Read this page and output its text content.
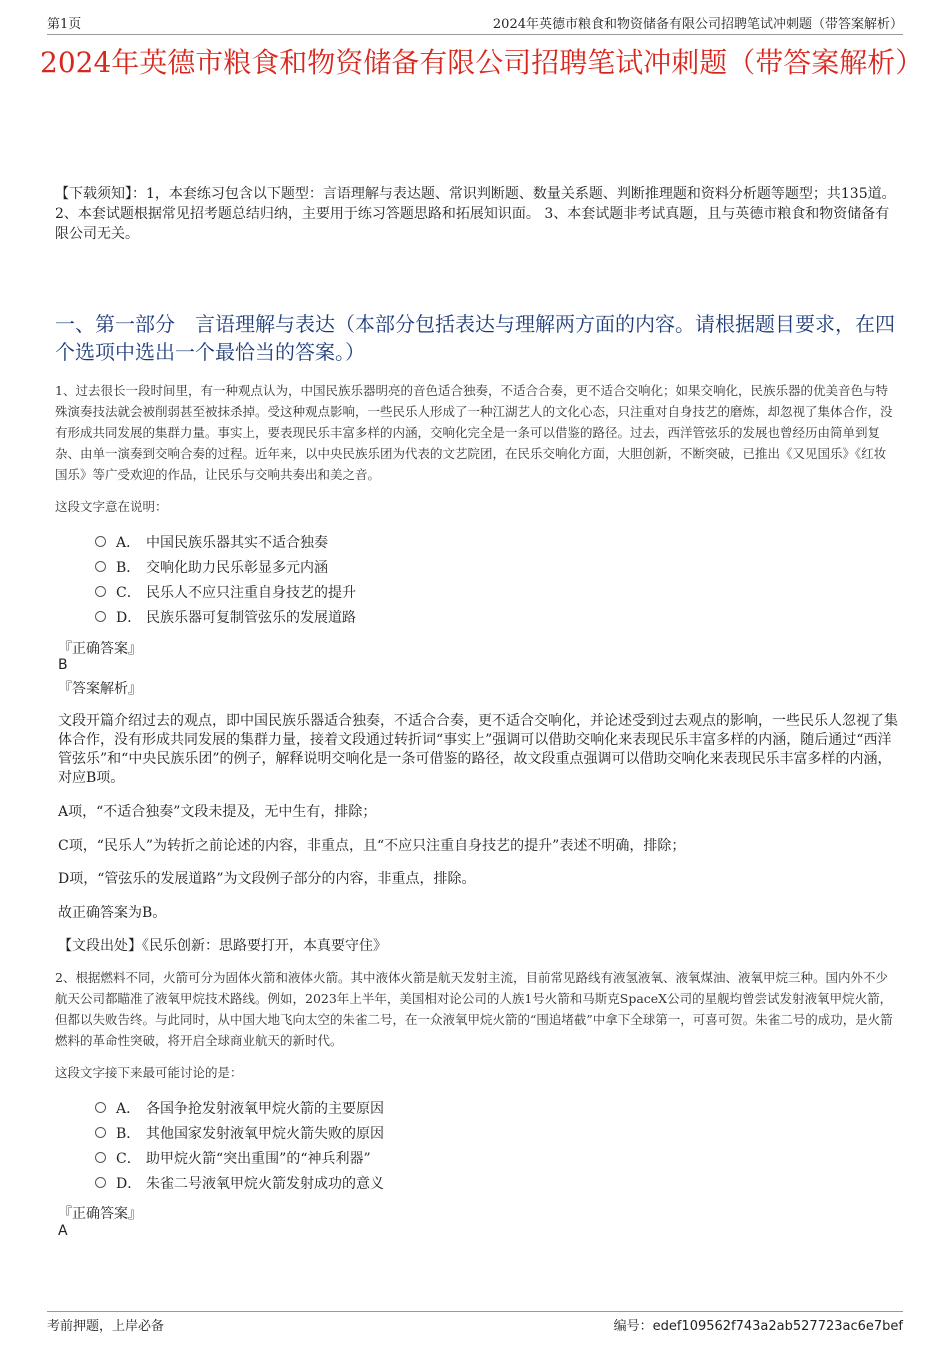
第1页	2024年英德市粮食和物资储备有限公司招聘笔试冲刺题（带答案解析）
2024年英德市粮食和物资储备有限公司招聘笔试冲刺题（带答案解析）
【下载须知】：1，本套练习包含以下题型：言语理解与表达题、常识判断题、数量关系题、判断推理题和资料分析题等题型；共135道。 2、本套试题根据常见招考题总结归纳，主要用于练习答题思路和拓展知识面。 3、本套试题非考试真题，且与英德市粮食和物资储备有限公司无关。
一、第一部分　言语理解与表达（本部分包括表达与理解两方面的内容。请根据题目要求，在四个选项中选出一个最恰当的答案。）
1、过去很长一段时间里，有一种观点认为，中国民族乐器明亮的音色适合独奏，不适合合奏，更不适合交响化；如果交响化，民族乐器的优美音色与特殊演奏技法就会被削弱甚至被抹杀掉。受这种观点影响，一些民乐人形成了一种江湖艺人的文化心态，只注重对自身技艺的磨炼，却忽视了集体合作，没有形成共同发展的集群力量。事实上，要表现民乐丰富多样的内涵，交响化完全是一条可以借鉴的路径。过去，西洋管弦乐的发展也曾经历由简单到复杂、由单一演奏到交响合奏的过程。近年来，以中央民族乐团为代表的文艺院团，在民乐交响化方面，大胆创新，不断突破，已推出《又见国乐》《红妆国乐》等广受欢迎的作品，让民乐与交响共奏出和美之音。
这段文字意在说明：
A． 中国民族乐器其实不适合独奏
B． 交响化助力民乐彰显多元内涵
C． 民乐人不应只注重自身技艺的提升
D． 民族乐器可复制管弦乐的发展道路
『正确答案』
B
『答案解析』
文段开篇介绍过去的观点，即中国民族乐器适合独奏，不适合合奏，更不适合交响化，并论述受到过去观点的影响，一些民乐人忽视了集体合作，没有形成共同发展的集群力量，接着文段通过转折词“事实上”强调可以借助交响化来表现民乐丰富多样的内涵，随后通过“西洋管弦乐”和“中央民族乐团”的例子，解释说明交响化是一条可借鉴的路径，故文段重点强调可以借助交响化来表现民乐丰富多样的内涵，对应B项。
A项，“不适合独奏”文段未提及，无中生有，排除；
C项，“民乐人”为转折之前论述的内容，非重点，且“不应只注重自身技艺的提升”表述不明确，排除；
D项，“管弦乐的发展道路”为文段例子部分的内容，非重点，排除。
故正确答案为B。
【文段出处】《民乐创新：思路要打开，本真要守住》
2、根据燃料不同，火箭可分为固体火箭和液体火箭。其中液体火箭是航天发射主流，目前常见路线有液氢液氧、液氧煤油、液氧甲烷三种。国内外不少航天公司都瞄准了液氧甲烷技术路线。例如，2023年上半年，美国相对论公司的人族1号火箭和马斯克SpaceX公司的星舰均曾尝试发射液氧甲烷火箭，但都以失败告终。与此同时，从中国大地飞向太空的朱雀二号，在一众液氧甲烷火箭的“围追堵截”中拿下全球第一，可喜可贺。朱雀二号的成功，是火箭燃料的革命性突破，将开启全球商业航天的新时代。
这段文字接下来最可能讨论的是：
A． 各国争抢发射液氧甲烷火箭的主要原因
B． 其他国家发射液氧甲烷火箭失败的原因
C． 助甲烷火箭“突出重围”的“神兵利器”
D． 朱雀二号液氧甲烷火箭发射成功的意义
『正确答案』
A
考前押题，上岸必备	编号：edef109562f743a2ab527723ac6e7bef
